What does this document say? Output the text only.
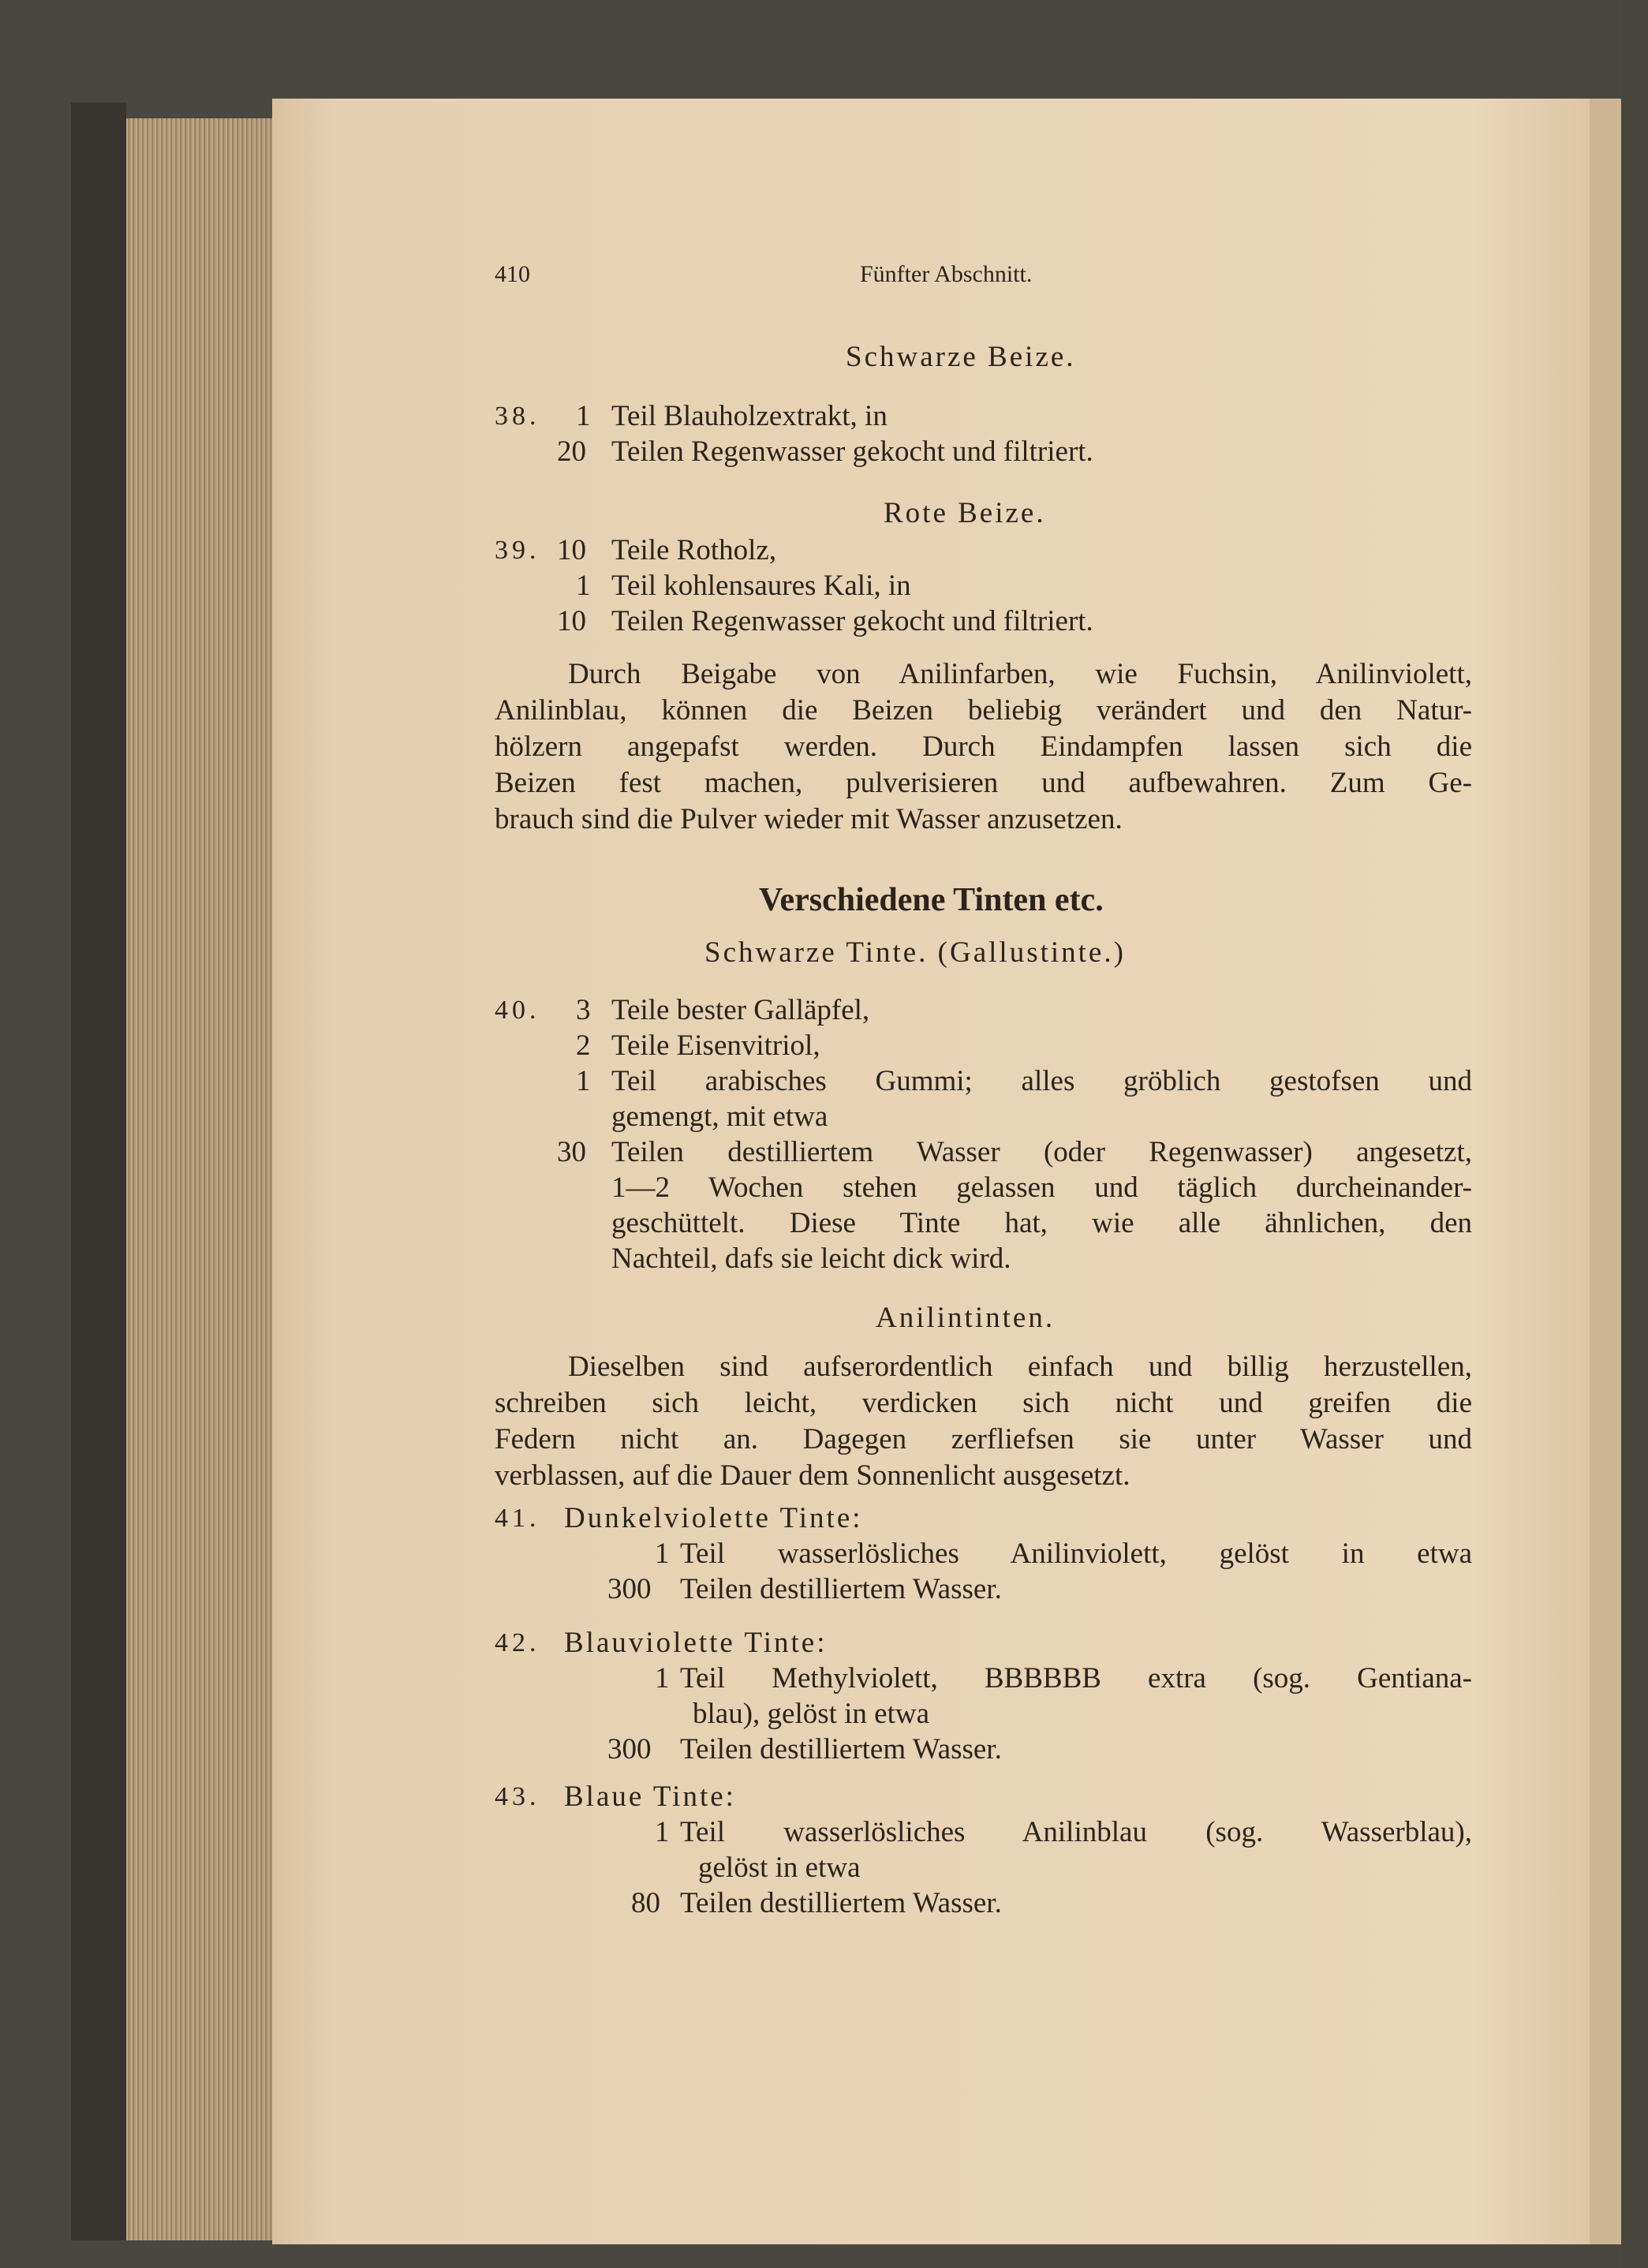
410	Fünfter Abschnitt.
Schwarze Beize.
38. 1 Teil Blauholzextrakt, in
20 Teilen Regenwasser gekocht und filtriert.
Rote Beize.
39. 10 Teile Rotholz,
1 Teil kohlensaures Kali, in
10 Teilen Regenwasser gekocht und filtriert.

Durch Beigabe von Anilinfarben, wie Fuchsin, Anilinviolett,

Anilinblau, können die Beizen beliebig verändert und den Natur-

hölzern angepafst werden. Durch Eindampfen lassen sich die

Beizen fest machen, pulverisieren und aufbewahren. Zum Ge-

brauch sind die Pulver wieder mit Wasser anzusetzen.

Verschiedene Tinten etc.
Schwarze Tinte. (Gallustinte.)
40. 3 Teile bester Galläpfel,
2 Teile Eisenvitriol,
1 Teil arabisches Gummi; alles gröblich gestofsen und

gemengt, mit etwa
30 Teilen destilliertem Wasser (oder Regenwasser) angesetzt,

1—2 Wochen stehen gelassen und täglich durcheinander-

geschüttelt. Diese Tinte hat, wie alle ähnlichen, den

Nachteil, dafs sie leicht dick wird.
Anilintinten.

Dieselben sind aufserordentlich einfach und billig herzustellen,

schreiben sich leicht, verdicken sich nicht und greifen die

Federn nicht an. Dagegen zerfliefsen sie unter Wasser und

verblassen, auf die Dauer dem Sonnenlicht ausgesetzt.

41. Dunkelviolette Tinte:
1 Teil wasserlösliches Anilinviolett, gelöst in etwa

300 Teilen destilliertem Wasser.
42. Blauviolette Tinte:
1 Teil Methylviolett, BBBBBB extra (sog. Gentiana-

blau), gelöst in etwa
300 Teilen destilliertem Wasser.
43. Blaue Tinte:
1 Teil wasserlösliches Anilinblau (sog. Wasserblau),

gelöst in etwa
80 Teilen destilliertem Wasser.
